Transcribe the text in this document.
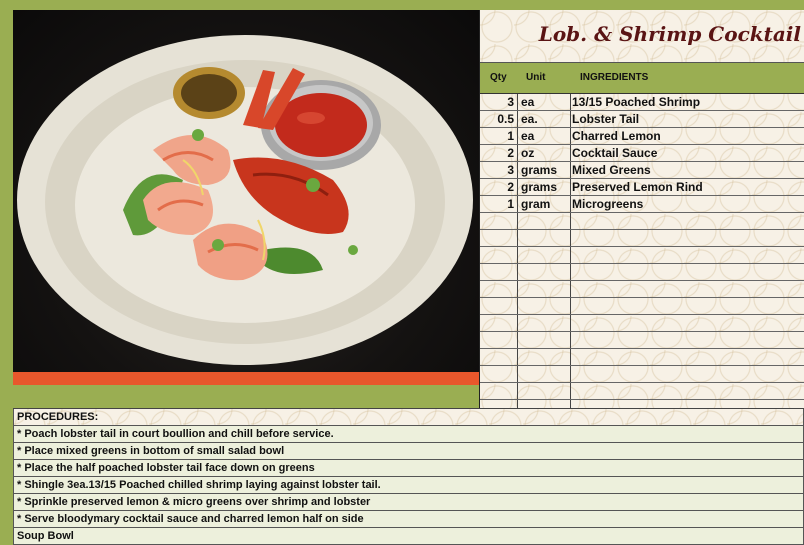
Lob. & Shrimp Cocktail
Qty Unit	INGREDIENTS
3 ea	13/15 Poached Shrimp
0.5 ea.	Lobster Tail
1 ea	Charred Lemon
2 oz	Cocktail Sauce
3 grams	Mixed Greens
2 grams	Preserved Lemon Rind
1 gram	Microgreens
PROCEDURES:
* Poach lobster tail in court boullion and chill before service.
* Place mixed greens in bottom of small salad bowl
* Place the half poached lobster tail face down on greens
* Shingle 3ea.13/15 Poached chilled shrimp laying against lobster tail.
* Sprinkle preserved lemon & micro greens over shrimp and lobster
* Serve bloodymary cocktail sauce and charred lemon half on side
Soup Bowl
